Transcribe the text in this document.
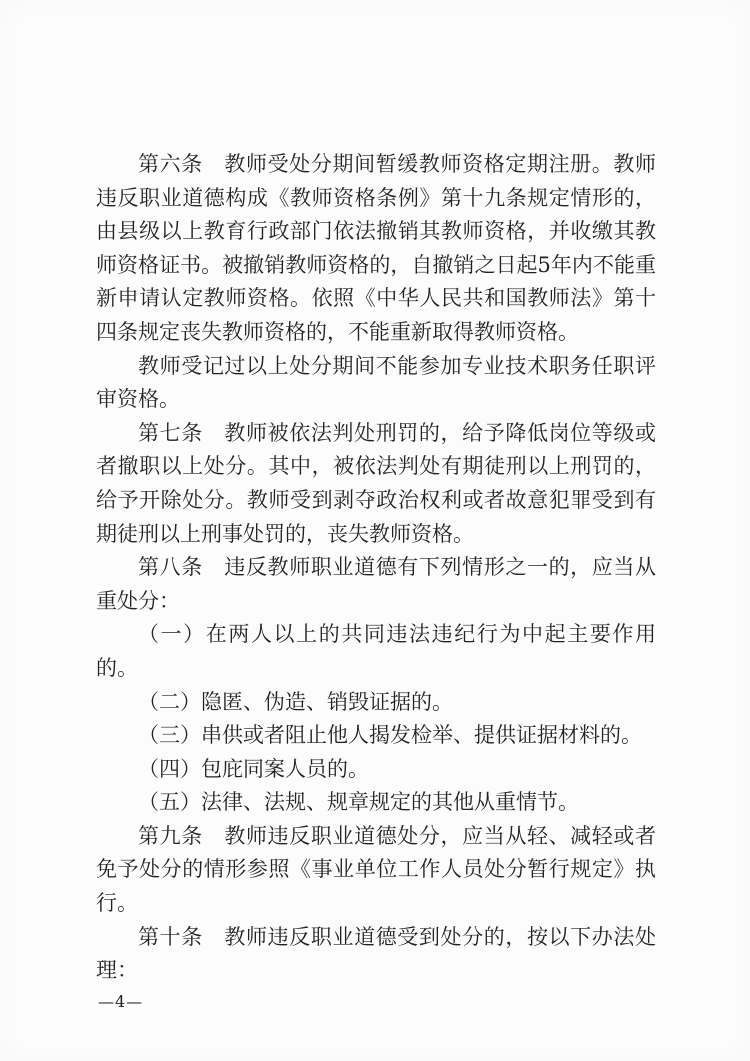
第六条　教师受处分期间暂缓教师资格定期注册。教师违反职业道德构成《教师资格条例》第十九条规定情形的，由县级以上教育行政部门依法撤销其教师资格，并收缴其教师资格证书。被撤销教师资格的，自撤销之日起5年内不能重新申请认定教师资格。依照《中华人民共和国教师法》第十四条规定丧失教师资格的，不能重新取得教师资格。

教师受记过以上处分期间不能参加专业技术职务任职评审资格。

第七条　教师被依法判处刑罚的，给予降低岗位等级或者撤职以上处分。其中，被依法判处有期徒刑以上刑罚的，给予开除处分。教师受到剥夺政治权利或者故意犯罪受到有期徒刑以上刑事处罚的，丧失教师资格。

第八条　违反教师职业道德有下列情形之一的，应当从重处分：

（一）在两人以上的共同违法违纪行为中起主要作用的。

（二）隐匿、伪造、销毁证据的。

（三）串供或者阻止他人揭发检举、提供证据材料的。

（四）包庇同案人员的。

（五）法律、法规、规章规定的其他从重情节。

第九条　教师违反职业道德处分，应当从轻、减轻或者免予处分的情形参照《事业单位工作人员处分暂行规定》执行。

第十条　教师违反职业道德受到处分的，按以下办法处理：

—4—
